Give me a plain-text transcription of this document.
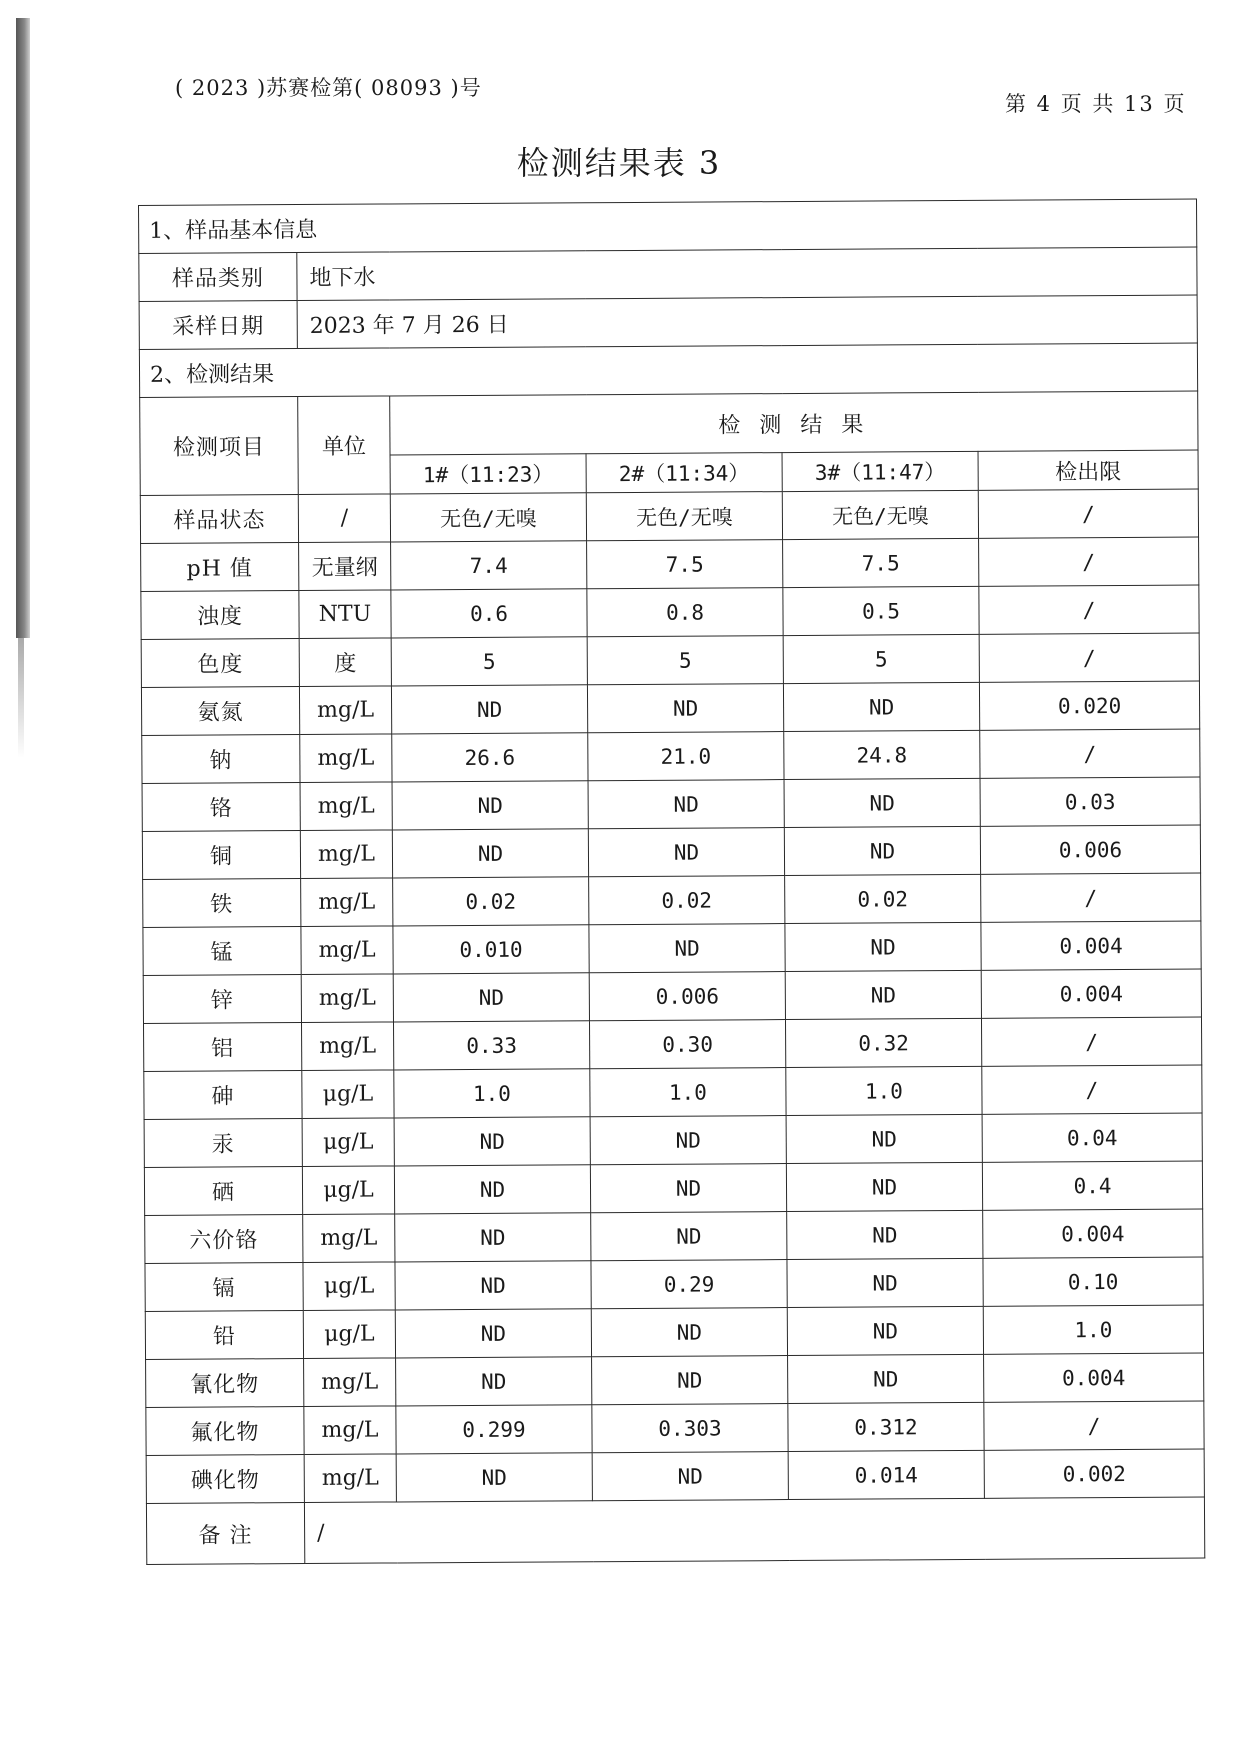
( 2023 )苏赛检第( 08093 )号
第 4 页 共 13 页
检测结果表 3
1、样品基本信息					
样品类别	地下水				
采样日期	2023 年 7 月 26 日				
2、检测结果					
检测项目	单位	检 测 结 果			
		1#（11:23）	2#（11:34）	3#（11:47）	检出限
样品状态	/	无色/无嗅	无色/无嗅	无色/无嗅	/
pH 值	无量纲	7.4	7.5	7.5	/
浊度	NTU	0.6	0.8	0.5	/
色度	度	5	5	5	/
氨氮	mg/L	ND	ND	ND	0.020
钠	mg/L	26.6	21.0	24.8	/
铬	mg/L	ND	ND	ND	0.03
铜	mg/L	ND	ND	ND	0.006
铁	mg/L	0.02	0.02	0.02	/
锰	mg/L	0.010	ND	ND	0.004
锌	mg/L	ND	0.006	ND	0.004
铝	mg/L	0.33	0.30	0.32	/
砷	μg/L	1.0	1.0	1.0	/
汞	μg/L	ND	ND	ND	0.04
硒	μg/L	ND	ND	ND	0.4
六价铬	mg/L	ND	ND	ND	0.004
镉	μg/L	ND	0.29	ND	0.10
铅	μg/L	ND	ND	ND	1.0
氰化物	mg/L	ND	ND	ND	0.004
氟化物	mg/L	0.299	0.303	0.312	/
碘化物	mg/L	ND	ND	0.014	0.002
备 注	/				
